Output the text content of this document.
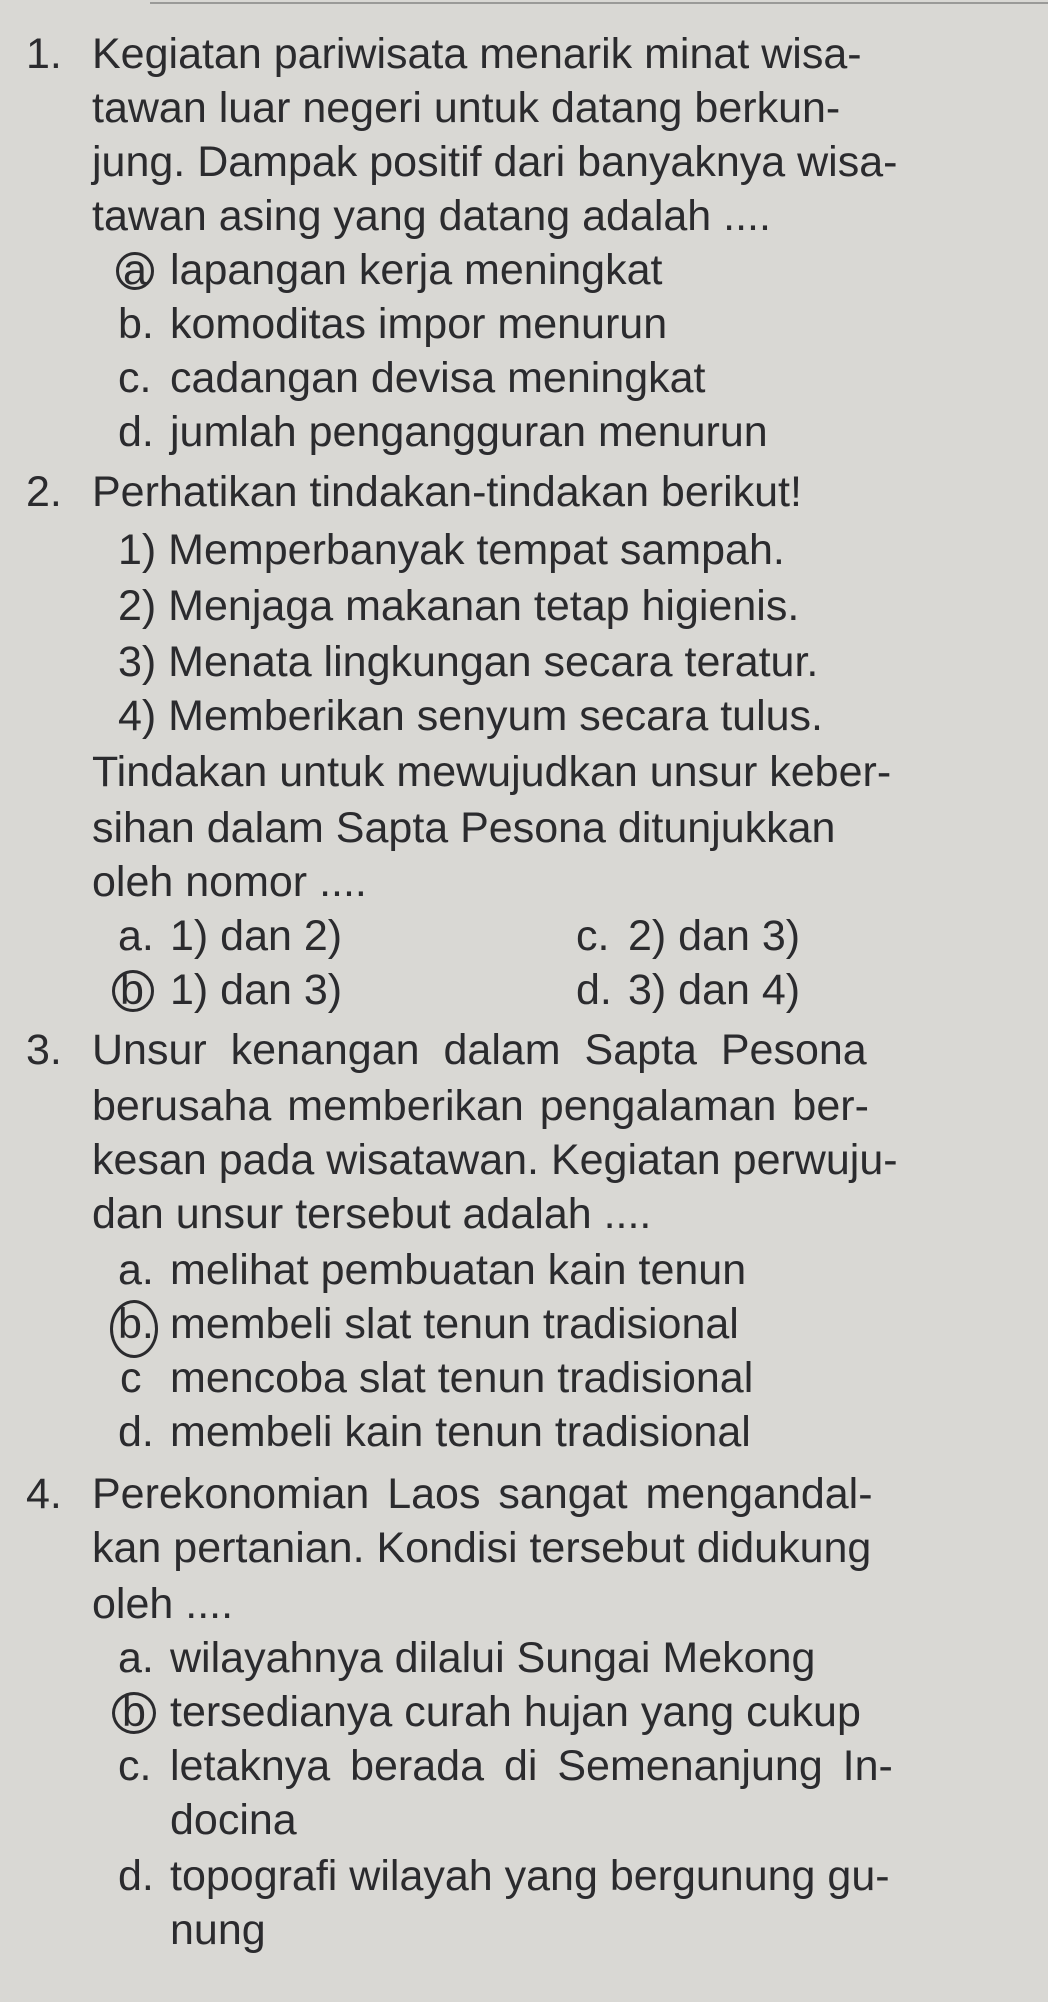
1. Kegiatan pariwisata menarik minat wisa-
tawan luar negeri untuk datang berkun-
jung. Dampak positif dari banyaknya wisa-
tawan asing yang datang adalah ....
a lapangan kerja meningkat
b. komoditas impor menurun
c. cadangan devisa meningkat
d. jumlah pengangguran menurun
2. Perhatikan tindakan-tindakan berikut!
1) Memperbanyak tempat sampah.
2) Menjaga makanan tetap higienis.
3) Menata lingkungan secara teratur.
4) Memberikan senyum secara tulus.
Tindakan untuk mewujudkan unsur keber-
sihan dalam Sapta Pesona ditunjukkan
oleh nomor ....
a. 1) dan 2)	c. 2) dan 3)
b 1) dan 3)	d. 3) dan 4)
3. Unsur kenangan dalam Sapta Pesona
berusaha memberikan pengalaman ber-
kesan pada wisatawan. Kegiatan perwuju-
dan unsur tersebut adalah ....
a. melihat pembuatan kain tenun
b. membeli slat tenun tradisional
c mencoba slat tenun tradisional
d. membeli kain tenun tradisional
4. Perekonomian Laos sangat mengandal-
kan pertanian. Kondisi tersebut didukung
oleh ....
a. wilayahnya dilalui Sungai Mekong
b tersedianya curah hujan yang cukup
c. letaknya berada di Semenanjung In-
docina
d. topografi wilayah yang bergunung gu-
nung
